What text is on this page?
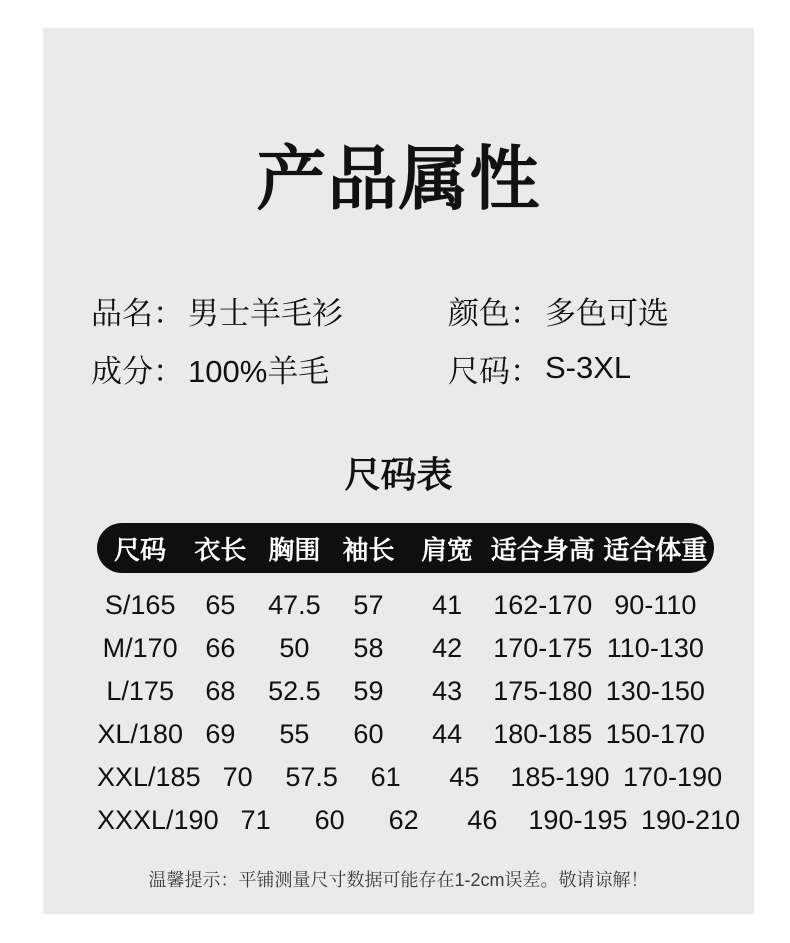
产品属性
品名： 男士羊毛衫	颜色： 多色可选
成分： 100%羊毛	尺码： S-3XL
尺码表
尺码	衣长 胸围 袖长	肩宽 适合身高 适合体重
S/165	65	47.5	57	41	162-170 90-110
M/170	66	50	58	42	170-175 110-130
L/175	68	52.5	59	43	175-180 130-150
XL/180 69	55	60	44	180-185 150-170
XXL/185 70	57.5	61	45	185-190 170-190
XXXL/190 71	60	62	46	190-195 190-210

温馨提示：平铺测量尺寸数据可能存在1-2cm误差。敬请谅解！
